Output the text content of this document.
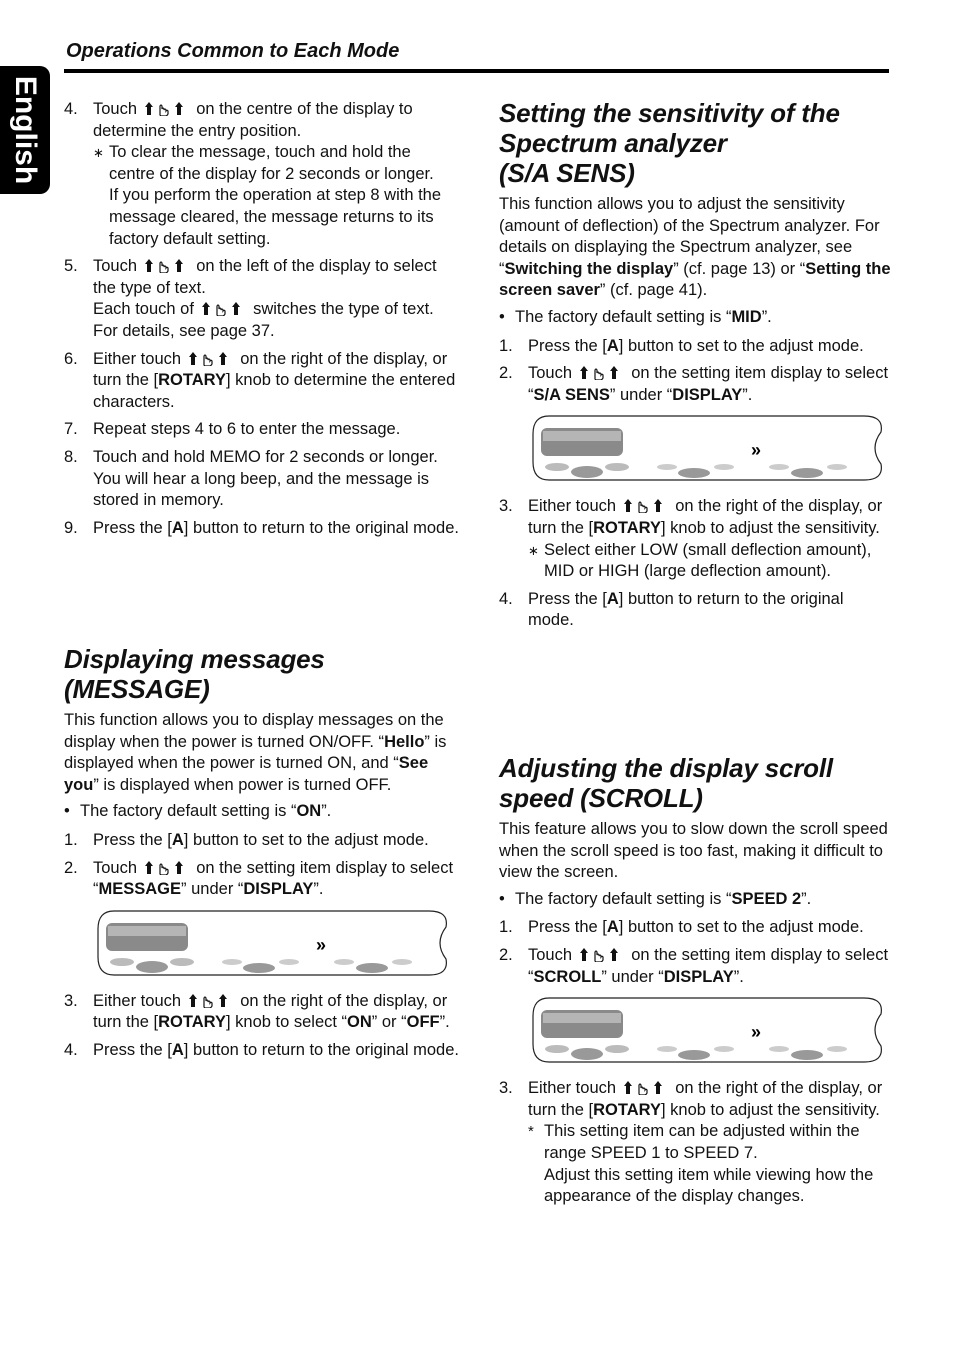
English
Operations Common to Each Mode
4. Touch	on the centre of the display to determine the entry position.
∗ To clear the message, touch and hold the centre of the display for 2 seconds or longer.

If you perform the operation at step 8 with the message cleared, the message returns to its factory default setting.

5. Touch	on the left of the display to select the type of text.
Each touch of	switches the type of text. For details, see page 37.
6. Either touch	on the right of the display, or turn the [ROTARY] knob to determine the entered characters.
7. Repeat steps 4 to 6 to enter the message.
8. Touch and hold MEMO for 2 seconds or longer.
You will hear a long beep, and the message is stored in memory.
9. Press the [A] button to return to the original mode.
Displaying messages
(MESSAGE)

This function allows you to display messages on the display when the power is turned ON/OFF. “Hello” is displayed when the power is turned ON, and “See you” is displayed when power is turned OFF.

• The factory default setting is “ON”.
1. Press the [A] button to set to the adjust mode.
2. Touch	on the setting item display to select “MESSAGE” under “DISPLAY”.
»
3. Either touch	on the right of the display, or turn the [ROTARY] knob to select “ON” or “OFF”.
4. Press the [A] button to return to the original mode.
Setting the sensitivity of the
Spectrum analyzer
(S/A SENS)

This function allows you to adjust the sensitivity (amount of deflection) of the Spectrum analyzer. For details on displaying the Spectrum analyzer, see “Switching the display” (cf. page 13) or “Setting the screen saver” (cf. page 41).

• The factory default setting is “MID”.
1. Press the [A] button to set to the adjust mode.
2. Touch	on the setting item display to select “S/A SENS” under “DISPLAY”.
»
3. Either touch	on the right of the display, or turn the [ROTARY] knob to adjust the sensitivity.
∗ Select either LOW (small deflection amount), MID or HIGH (large deflection amount).

4. Press the [A] button to return to the original mode.
Adjusting the display scroll
speed (SCROLL)

This feature allows you to slow down the scroll speed when the scroll speed is too fast, making it difficult to view the screen.

• The factory default setting is “SPEED 2”.
1. Press the [A] button to set to the adjust mode.
2. Touch	on the setting item display to select “SCROLL” under “DISPLAY”.
»
3. Either touch	on the right of the display, or turn the [ROTARY] knob to adjust the sensitivity.
* This setting item can be adjusted within the range SPEED 1 to SPEED 7.

Adjust this setting item while viewing how the appearance of the display changes.
